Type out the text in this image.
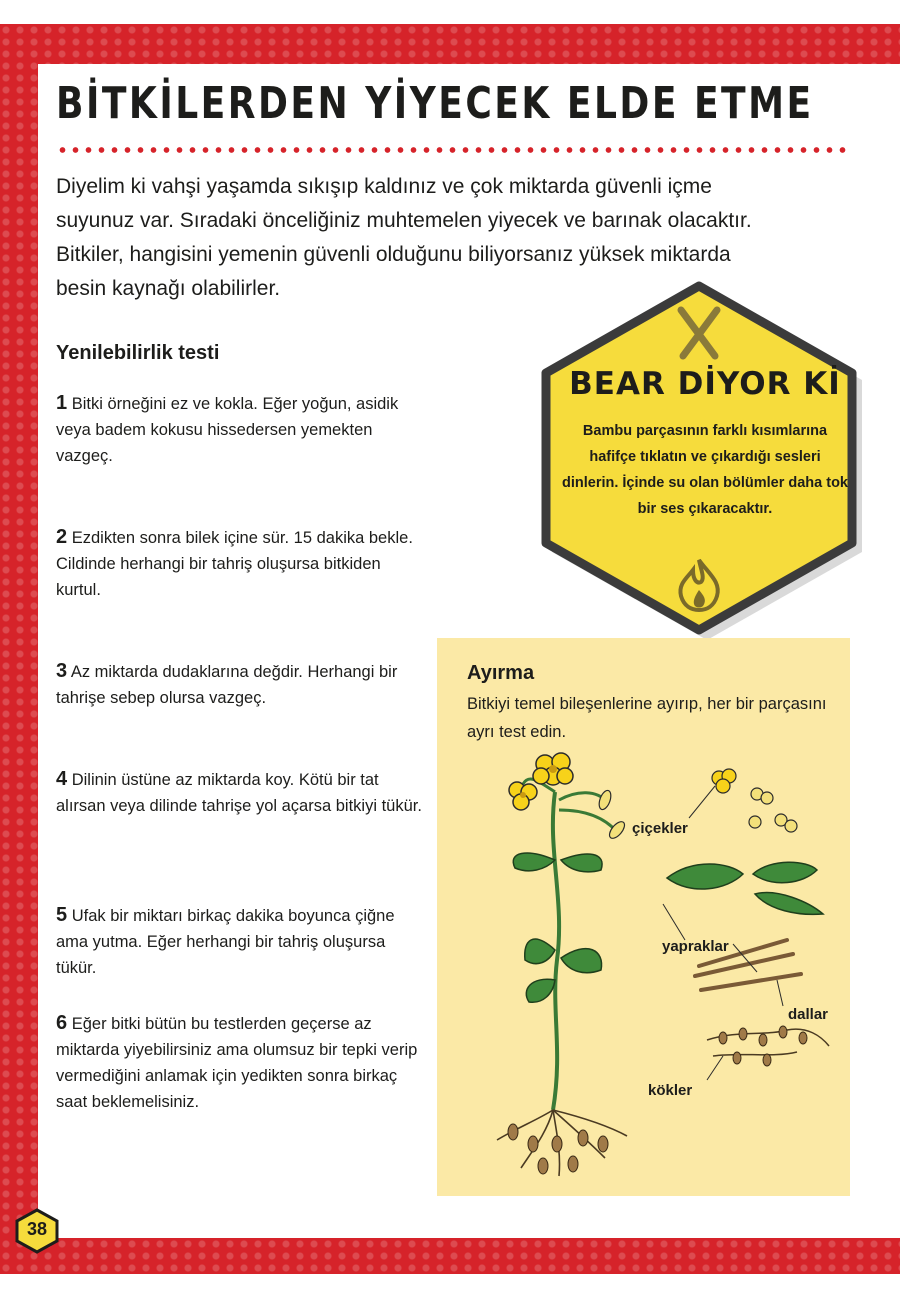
BİTKİLERDEN YİYECEK ELDE ETME

Diyelim ki vahşi yaşamda sıkışıp kaldınız ve çok miktarda güvenli içme suyunuz var. Sıradaki önceliğiniz muhtemelen yiyecek ve barınak olacaktır. Bitkiler, hangisini yemenin güvenli olduğunu biliyorsanız yüksek miktarda besin kaynağı olabilirler.

Yenilebilirlik testi

1 Bitki örneğini ez ve kokla. Eğer yoğun, asidik veya badem kokusu hissedersen yemekten vazgeç.

2 Ezdikten sonra bilek içine sür. 15 dakika bekle. Cildinde herhangi bir tahriş oluşursa bitkiden kurtul.

3 Az miktarda dudaklarına değdir. Herhangi bir tahrişe sebep olursa vazgeç.

4 Dilinin üstüne az miktarda koy. Kötü bir tat alırsan veya dilinde tahrişe yol açarsa bitkiyi tükür.

5 Ufak bir miktarı birkaç dakika boyunca çiğne ama yutma. Eğer herhangi bir tahriş oluşursa tükür.

6 Eğer bitki bütün bu testlerden geçerse az miktarda yiyebilirsiniz ama olumsuz bir tepki verip vermediğini anlamak için yedikten sonra birkaç saat beklemelisiniz.

BEAR DİYOR Kİ

Bambu parçasının farklı kısımlarına hafifçe tıklatın ve çıkardığı sesleri dinlerin. İçinde su olan bölümler daha tok bir ses çıkaracaktır.

Ayırma

Bitkiyi temel bileşenlerine ayırıp, her bir parçasını ayrı test edin.

çiçekler

yapraklar

dallar

kökler

38
